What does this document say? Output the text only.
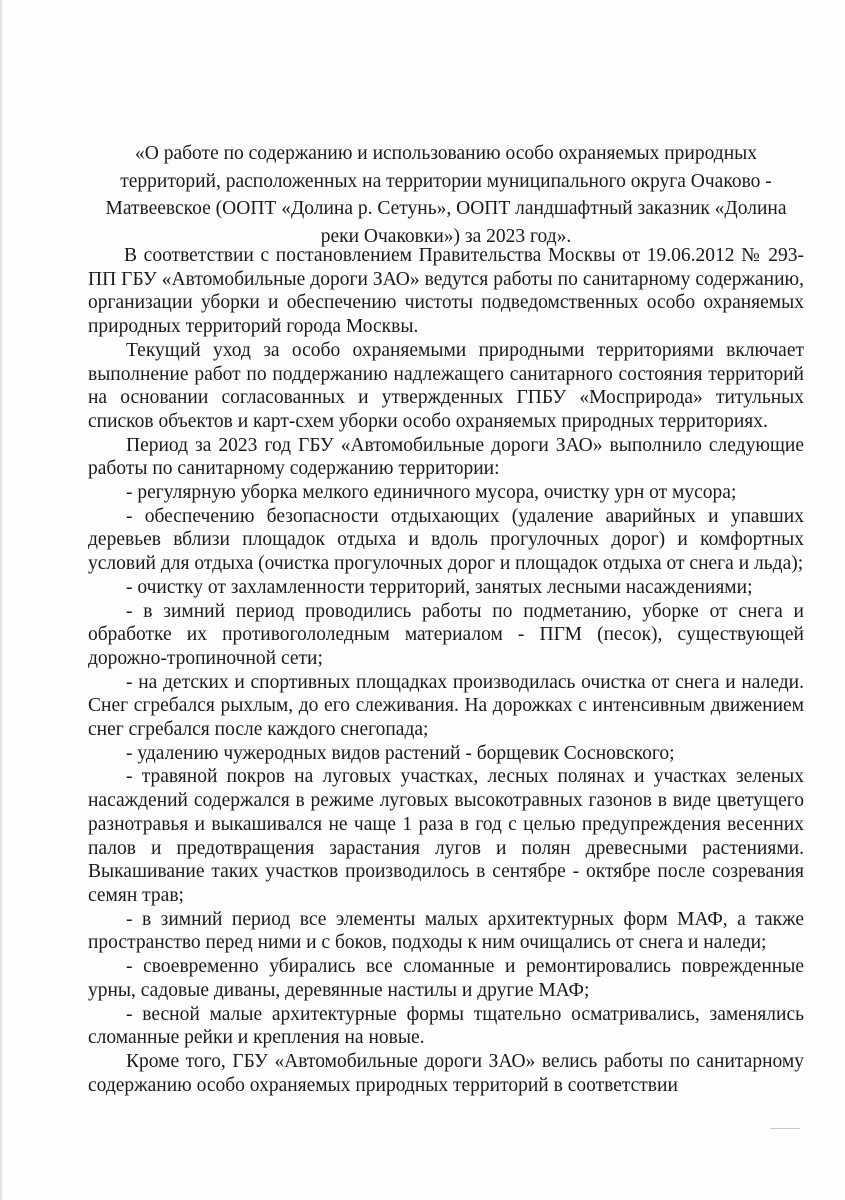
«О работе по содержанию и использованию особо охраняемых природных территорий, расположенных на территории муниципального округа Очаково - Матвеевское (ООПТ «Долина р. Сетунь», ООПТ ландшафтный заказник «Долина реки Очаковки») за 2023 год».

В соответствии с постановлением Правительства Москвы от 19.06.2012 № 293-ПП ГБУ «Автомобильные дороги ЗАО» ведутся работы по санитарному содержанию, организации уборки и обеспечению чистоты подведомственных особо охраняемых природных территорий города Москвы.

Текущий уход за особо охраняемыми природными территориями включает выполнение работ по поддержанию надлежащего санитарного состояния территорий на основании согласованных и утвержденных ГПБУ «Мосприрода» титульных списков объектов и карт-схем уборки особо охраняемых природных территориях.

Период за 2023 год ГБУ «Автомобильные дороги ЗАО» выполнило следующие работы по санитарному содержанию территории:

- регулярную уборка мелкого единичного мусора, очистку урн от мусора;

- обеспечению безопасности отдыхающих (удаление аварийных и упавших деревьев вблизи площадок отдыха и вдоль прогулочных дорог) и комфортных условий для отдыха (очистка прогулочных дорог и площадок отдыха от снега и льда);

- очистку от захламленности территорий, занятых лесными насаждениями;

- в зимний период проводились работы по подметанию, уборке от снега и обработке их противогололедным материалом - ПГМ (песок), существующей дорожно-тропиночной сети;

- на детских и спортивных площадках производилась очистка от снега и наледи. Снег сгребался рыхлым, до его слеживания. На дорожках с интенсивным движением снег сгребался после каждого снегопада;

- удалению чужеродных видов растений - борщевик Сосновского;

- травяной покров на луговых участках, лесных полянах и участках зеленых насаждений содержался в режиме луговых высокотравных газонов в виде цветущего разнотравья и выкашивался не чаще 1 раза в год с целью предупреждения весенних палов и предотвращения зарастания лугов и полян древесными растениями. Выкашивание таких участков производилось в сентябре - октябре после созревания семян трав;

- в зимний период все элементы малых архитектурных форм МАФ, а также пространство перед ними и с боков, подходы к ним очищались от снега и наледи;

- своевременно убирались все сломанные и ремонтировались поврежденные урны, садовые диваны, деревянные настилы и другие МАФ;

- весной малые архитектурные формы тщательно осматривались, заменялись сломанные рейки и крепления на новые.

Кроме того, ГБУ «Автомобильные дороги ЗАО» велись работы по санитарному содержанию особо охраняемых природных территорий в соответствии
